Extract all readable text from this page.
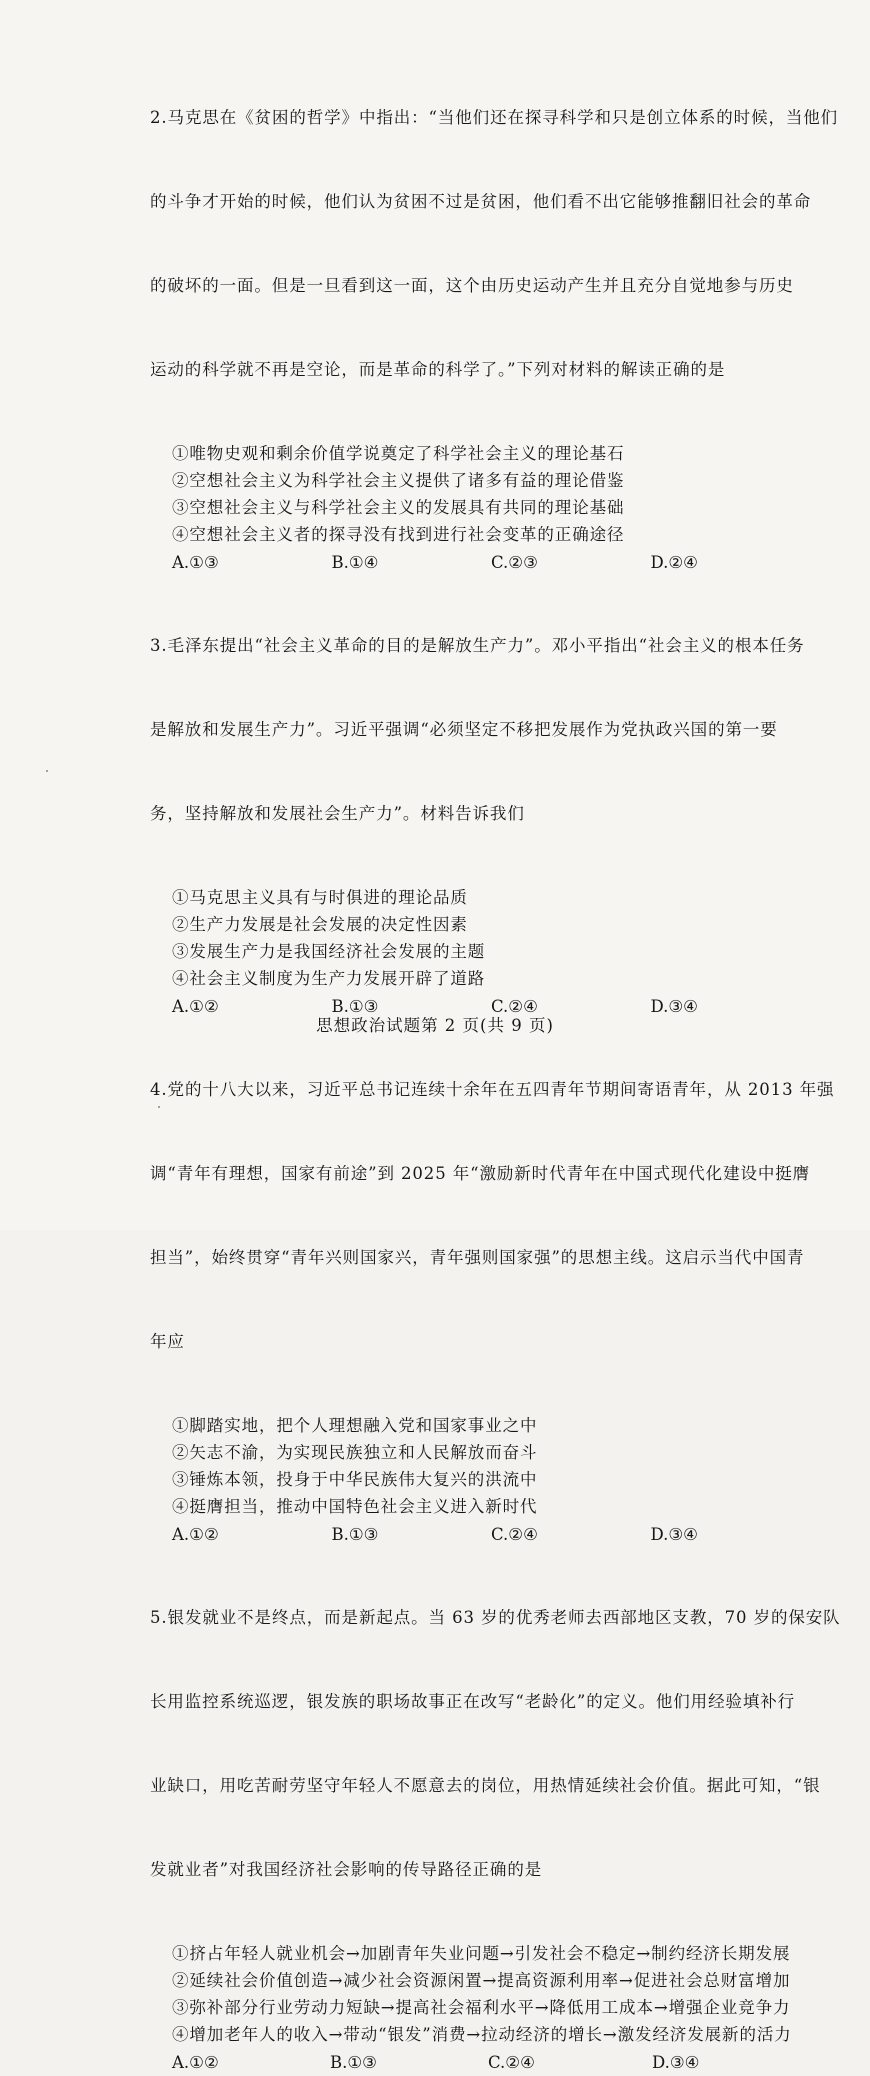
2.马克思在《贫困的哲学》中指出：“当他们还在探寻科学和只是创立体系的时候，当他们

的斗争才开始的时候，他们认为贫困不过是贫困，他们看不出它能够推翻旧社会的革命

的破坏的一面。但是一旦看到这一面，这个由历史运动产生并且充分自觉地参与历史

运动的科学就不再是空论，而是革命的科学了。”下列对材料的解读正确的是

①唯物史观和剩余价值学说奠定了科学社会主义的理论基石
②空想社会主义为科学社会主义提供了诸多有益的理论借鉴
③空想社会主义与科学社会主义的发展具有共同的理论基础
④空想社会主义者的探寻没有找到进行社会变革的正确途径
A.①③	B.①④	C.②③	D.②④

3.毛泽东提出“社会主义革命的目的是解放生产力”。邓小平指出“社会主义的根本任务

是解放和发展生产力”。习近平强调“必须坚定不移把发展作为党执政兴国的第一要

务，坚持解放和发展社会生产力”。材料告诉我们

①马克思主义具有与时俱进的理论品质
②生产力发展是社会发展的决定性因素
③发展生产力是我国经济社会发展的主题
④社会主义制度为生产力发展开辟了道路
A.①②	B.①③	C.②④	D.③④

4.党的十八大以来，习近平总书记连续十余年在五四青年节期间寄语青年，从 2013 年强

调“青年有理想，国家有前途”到 2025 年“激励新时代青年在中国式现代化建设中挺膺

担当”，始终贯穿“青年兴则国家兴，青年强则国家强”的思想主线。这启示当代中国青

年应

①脚踏实地，把个人理想融入党和国家事业之中
②矢志不渝，为实现民族独立和人民解放而奋斗
③锤炼本领，投身于中华民族伟大复兴的洪流中
④挺膺担当，推动中国特色社会主义进入新时代
A.①②	B.①③	C.②④	D.③④

5.银发就业不是终点，而是新起点。当 63 岁的优秀老师去西部地区支教，70 岁的保安队

长用监控系统巡逻，银发族的职场故事正在改写“老龄化”的定义。他们用经验填补行

业缺口，用吃苦耐劳坚守年轻人不愿意去的岗位，用热情延续社会价值。据此可知，“银

发就业者”对我国经济社会影响的传导路径正确的是

①挤占年轻人就业机会→加剧青年失业问题→引发社会不稳定→制约经济长期发展
②延续社会价值创造→减少社会资源闲置→提高资源利用率→促进社会总财富增加
③弥补部分行业劳动力短缺→提高社会福利水平→降低用工成本→增强企业竞争力
④增加老年人的收入→带动“银发”消费→拉动经济的增长→激发经济发展新的活力
A.①②	B.①③	C.②④	D.③④
思想政治试题第 2 页(共 9 页)
